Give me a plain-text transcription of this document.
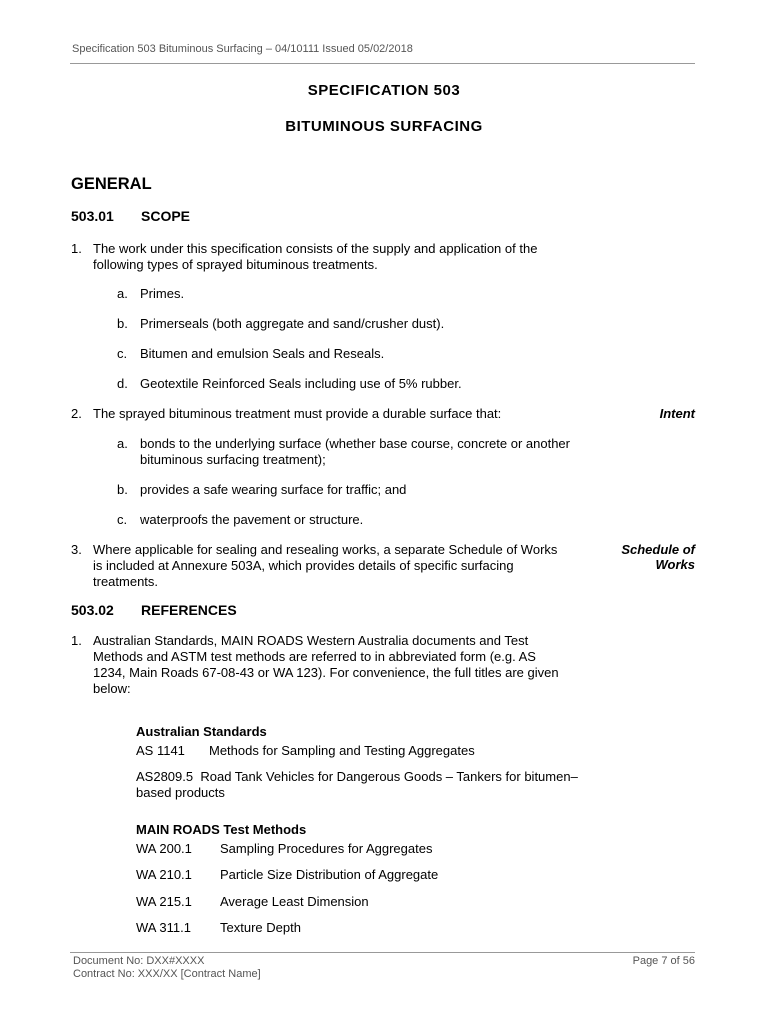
Specification 503 Bituminous Surfacing – 04/10111 Issued 05/02/2018
SPECIFICATION 503
BITUMINOUS SURFACING
GENERAL
503.01 SCOPE
1. The work under this specification consists of the supply and application of the following types of sprayed bituminous treatments.
a. Primes.
b. Primerseals (both aggregate and sand/crusher dust).
c. Bitumen and emulsion Seals and Reseals.
d. Geotextile Reinforced Seals including use of 5% rubber.
2. The sprayed bituminous treatment must provide a durable surface that:	Intent
a. bonds to the underlying surface (whether base course, concrete or another bituminous surfacing treatment);
b. provides a safe wearing surface for traffic; and
c. waterproofs the pavement or structure.
3. Where applicable for sealing and resealing works, a separate Schedule of Works is included at Annexure 503A, which provides details of specific surfacing treatments.
Schedule of Works
503.02 REFERENCES
1. Australian Standards, MAIN ROADS Western Australia documents and Test Methods and ASTM test methods are referred to in abbreviated form (e.g. AS 1234, Main Roads 67-08-43 or WA 123). For convenience, the full titles are given below:
Australian Standards
AS 1141 Methods for Sampling and Testing Aggregates
AS2809.5 Road Tank Vehicles for Dangerous Goods – Tankers for bitumen–based products
MAIN ROADS Test Methods
WA 200.1 Sampling Procedures for Aggregates
WA 210.1 Particle Size Distribution of Aggregate
WA 215.1 Average Least Dimension
WA 311.1 Texture Depth
Document No: DXX#XXXX
Contract No: XXX/XX [Contract Name]
Page 7 of 56
